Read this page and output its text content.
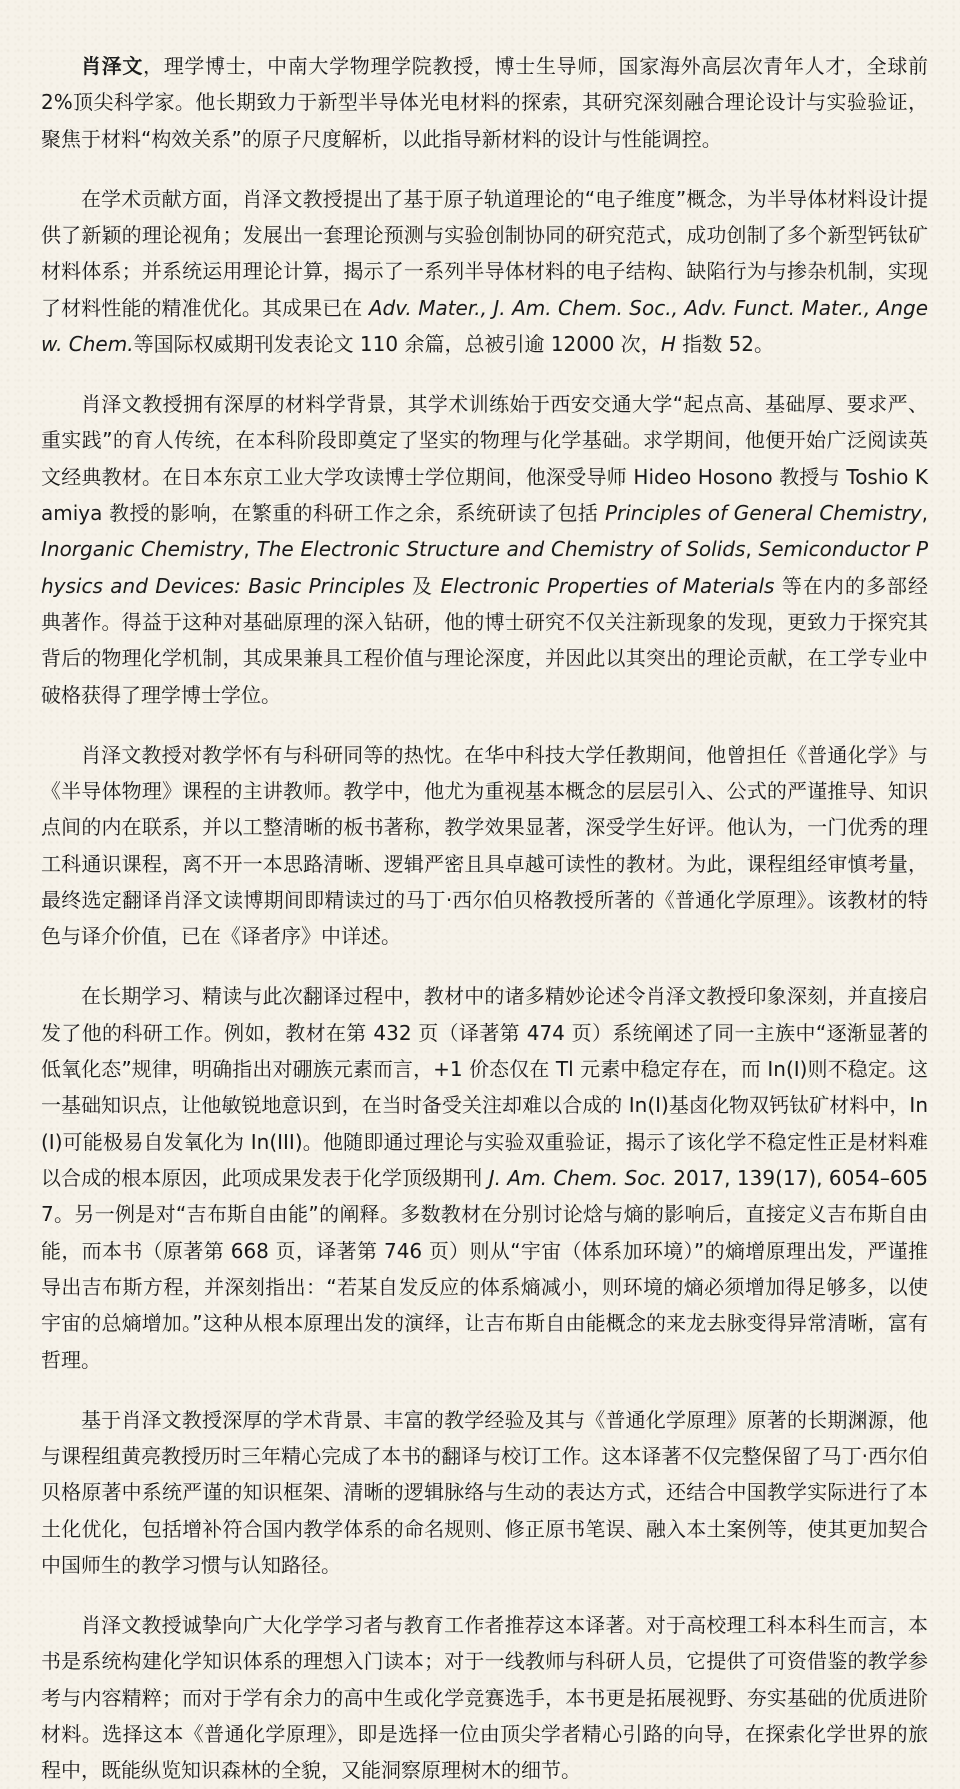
肖泽文，理学博士，中南大学物理学院教授，博士生导师，国家海外高层次青年人才，全球前 2%顶尖科学家。他长期致力于新型半导体光电材料的探索，其研究深刻融合理论设计与实验验证，聚焦于材料“构效关系”的原子尺度解析，以此指导新材料的设计与性能调控。

在学术贡献方面，肖泽文教授提出了基于原子轨道理论的“电子维度”概念，为半导体材料设计提供了新颖的理论视角；发展出一套理论预测与实验创制协同的研究范式，成功创制了多个新型钙钛矿材料体系；并系统运用理论计算，揭示了一系列半导体材料的电子结构、缺陷行为与掺杂机制，实现了材料性能的精准优化。其成果已在 Adv. Mater., J. Am. Chem. Soc., Adv. Funct. Mater., Angew. Chem.等国际权威期刊发表论文 110 余篇，总被引逾 12000 次，H 指数 52。

肖泽文教授拥有深厚的材料学背景，其学术训练始于西安交通大学“起点高、基础厚、要求严、重实践”的育人传统，在本科阶段即奠定了坚实的物理与化学基础。求学期间，他便开始广泛阅读英文经典教材。在日本东京工业大学攻读博士学位期间，他深受导师 Hideo Hosono 教授与 Toshio Kamiya 教授的影响，在繁重的科研工作之余，系统研读了包括 Principles of General Chemistry, Inorganic Chemistry, The Electronic Structure and Chemistry of Solids, Semiconductor Physics and Devices: Basic Principles 及 Electronic Properties of Materials 等在内的多部经典著作。得益于这种对基础原理的深入钻研，他的博士研究不仅关注新现象的发现，更致力于探究其背后的物理化学机制，其成果兼具工程价值与理论深度，并因此以其突出的理论贡献，在工学专业中破格获得了理学博士学位。

肖泽文教授对教学怀有与科研同等的热忱。在华中科技大学任教期间，他曾担任《普通化学》与《半导体物理》课程的主讲教师。教学中，他尤为重视基本概念的层层引入、公式的严谨推导、知识点间的内在联系，并以工整清晰的板书著称，教学效果显著，深受学生好评。他认为，一门优秀的理工科通识课程，离不开一本思路清晰、逻辑严密且具卓越可读性的教材。为此，课程组经审慎考量，最终选定翻译肖泽文读博期间即精读过的马丁·西尔伯贝格教授所著的《普通化学原理》。该教材的特色与译介价值，已在《译者序》中详述。

在长期学习、精读与此次翻译过程中，教材中的诸多精妙论述令肖泽文教授印象深刻，并直接启发了他的科研工作。例如，教材在第 432 页（译著第 474 页）系统阐述了同一主族中“逐渐显著的低氧化态”规律，明确指出对硼族元素而言，+1 价态仅在 Tl 元素中稳定存在，而 In(I)则不稳定。这一基础知识点，让他敏锐地意识到，在当时备受关注却难以合成的 In(I)基卤化物双钙钛矿材料中，In(I)可能极易自发氧化为 In(III)。他随即通过理论与实验双重验证，揭示了该化学不稳定性正是材料难以合成的根本原因，此项成果发表于化学顶级期刊 J. Am. Chem. Soc. 2017, 139(17), 6054–6057。另一例是对“吉布斯自由能”的阐释。多数教材在分别讨论焓与熵的影响后，直接定义吉布斯自由能，而本书（原著第 668 页，译著第 746 页）则从“宇宙（体系加环境）”的熵增原理出发，严谨推导出吉布斯方程，并深刻指出：“若某自发反应的体系熵减小，则环境的熵必须增加得足够多，以使宇宙的总熵增加。”这种从根本原理出发的演绎，让吉布斯自由能概念的来龙去脉变得异常清晰，富有哲理。

基于肖泽文教授深厚的学术背景、丰富的教学经验及其与《普通化学原理》原著的长期渊源，他与课程组黄亮教授历时三年精心完成了本书的翻译与校订工作。这本译著不仅完整保留了马丁·西尔伯贝格原著中系统严谨的知识框架、清晰的逻辑脉络与生动的表达方式，还结合中国教学实际进行了本土化优化，包括增补符合国内教学体系的命名规则、修正原书笔误、融入本土案例等，使其更加契合中国师生的教学习惯与认知路径。

肖泽文教授诚挚向广大化学学习者与教育工作者推荐这本译著。对于高校理工科本科生而言，本书是系统构建化学知识体系的理想入门读本；对于一线教师与科研人员，它提供了可资借鉴的教学参考与内容精粹；而对于学有余力的高中生或化学竞赛选手，本书更是拓展视野、夯实基础的优质进阶材料。选择这本《普通化学原理》，即是选择一位由顶尖学者精心引路的向导，在探索化学世界的旅程中，既能纵览知识森林的全貌，又能洞察原理树木的细节。
